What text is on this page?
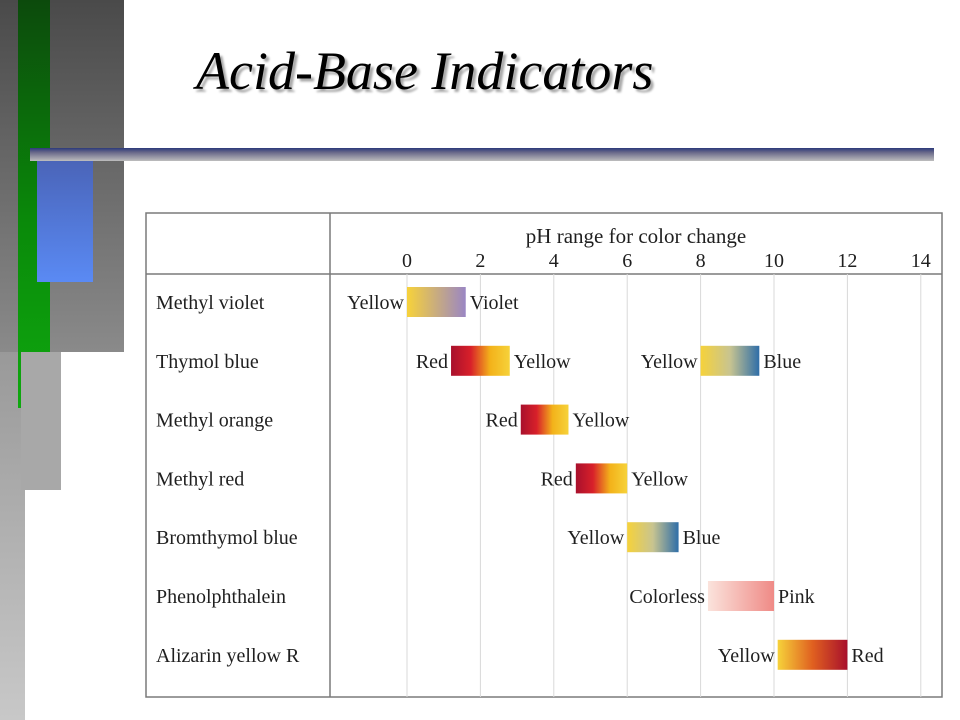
Acid-Base Indicators
pH range for color change
0	2	4	6	8	10	12	14
Methyl violet	Yellow	Violet
Thymol blue	Red	Yellow	Yellow	Blue
Methyl orange	Red	Yellow
Methyl red	Red	Yellow
Bromthymol blue	Yellow	Blue
Phenolphthalein	Colorless	Pink
Alizarin yellow R	Yellow	Red
